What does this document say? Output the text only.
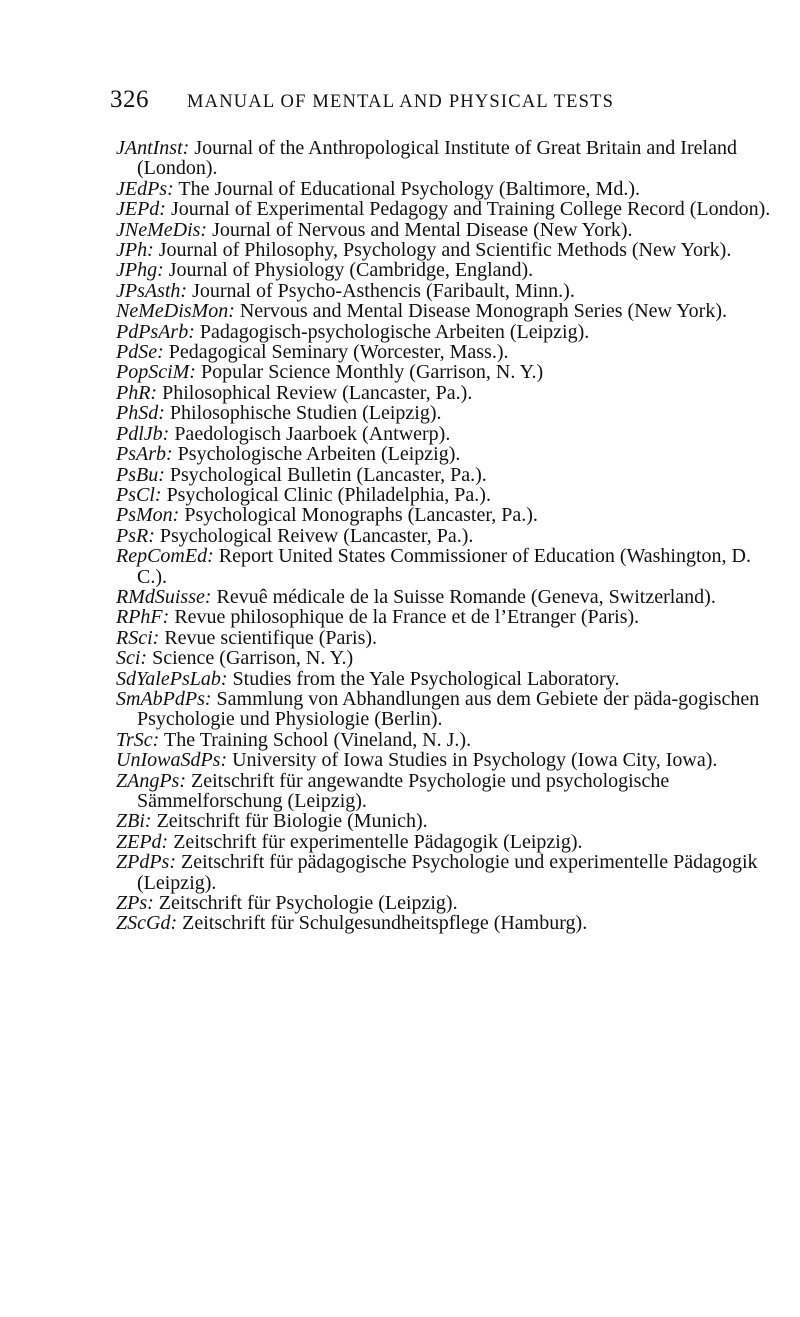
326 MANUAL OF MENTAL AND PHYSICAL TESTS

JAntInst: Journal of the Anthropological Institute of Great Britain and Ireland (London).

JEdPs: The Journal of Educational Psychology (Baltimore, Md.).

JEPd: Journal of Experimental Pedagogy and Training College Record (London).

JNeMeDis: Journal of Nervous and Mental Disease (New York).

JPh: Journal of Philosophy, Psychology and Scientific Methods (New York).

JPhg: Journal of Physiology (Cambridge, England).

JPsAsth: Journal of Psycho-Asthencis (Faribault, Minn.).

NeMeDisMon: Nervous and Mental Disease Monograph Series (New York).

PdPsArb: Padagogisch-psychologische Arbeiten (Leipzig).

PdSe: Pedagogical Seminary (Worcester, Mass.).

PopSciM: Popular Science Monthly (Garrison, N. Y.)

PhR: Philosophical Review (Lancaster, Pa.).

PhSd: Philosophische Studien (Leipzig).

PdlJb: Paedologisch Jaarboek (Antwerp).

PsArb: Psychologische Arbeiten (Leipzig).

PsBu: Psychological Bulletin (Lancaster, Pa.).

PsCl: Psychological Clinic (Philadelphia, Pa.).

PsMon: Psychological Monographs (Lancaster, Pa.).

PsR: Psychological Reivew (Lancaster, Pa.).

RepComEd: Report United States Commissioner of Education (Washington, D. C.).

RMdSuisse: Revuê médicale de la Suisse Romande (Geneva, Switzerland).

RPhF: Revue philosophique de la France et de l’Etranger (Paris).

RSci: Revue scientifique (Paris).

Sci: Science (Garrison, N. Y.)

SdYalePsLab: Studies from the Yale Psychological Laboratory.

SmAbPdPs: Sammlung von Abhandlungen aus dem Gebiete der päda-gogischen Psychologie und Physiologie (Berlin).

TrSc: The Training School (Vineland, N. J.).

UnIowaSdPs: University of Iowa Studies in Psychology (Iowa City, Iowa).

ZAngPs: Zeitschrift für angewandte Psychologie und psychologische Sämmelforschung (Leipzig).

ZBi: Zeitschrift für Biologie (Munich).

ZEPd: Zeitschrift für experimentelle Pädagogik (Leipzig).

ZPdPs: Zeitschrift für pädagogische Psychologie und experimentelle Pädagogik (Leipzig).

ZPs: Zeitschrift für Psychologie (Leipzig).

ZScGd: Zeitschrift für Schulgesundheitspflege (Hamburg).
